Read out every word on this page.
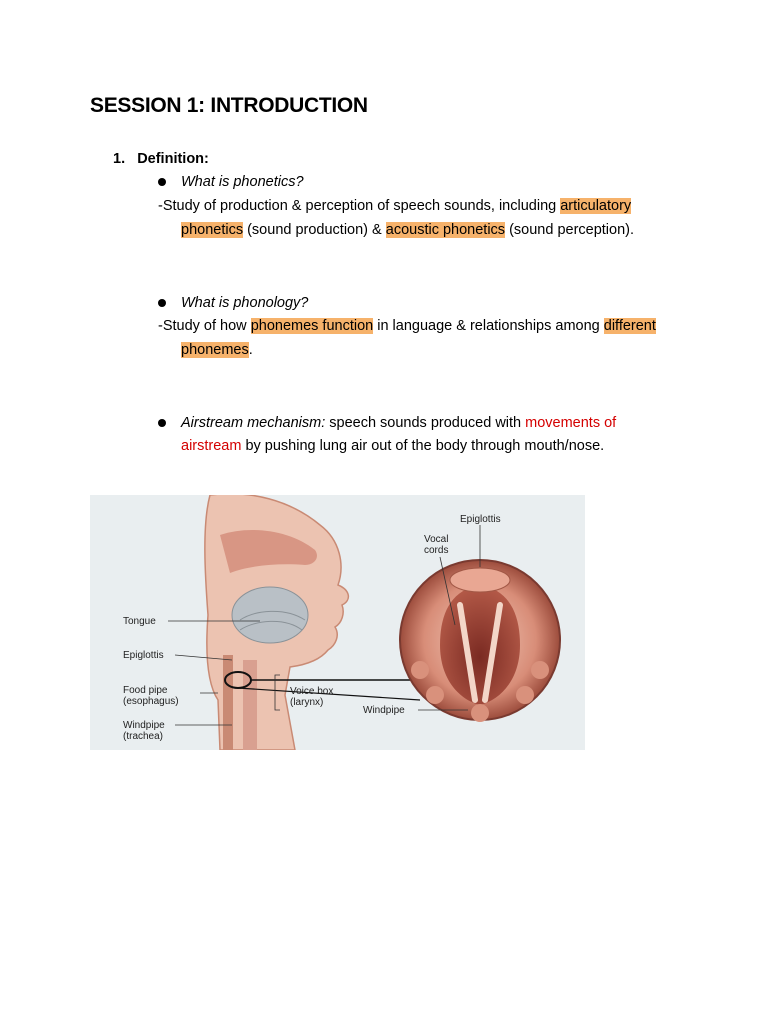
SESSION 1: INTRODUCTION
1. Definition:
What is phonetics?
-Study of production & perception of speech sounds, including articulatory
phonetics (sound production) & acoustic phonetics (sound perception).
What is phonology?
-Study of how phonemes function in language & relationships among different
phonemes.
Airstream mechanism: speech sounds produced with movements of
airstream by pushing lung air out of the body through mouth/nose.
Tongue
Epiglottis
Food pipe
(esophagus)
Windpipe
(trachea)
Voice box
(larynx)
Windpipe
Epiglottis
Vocal
cords
